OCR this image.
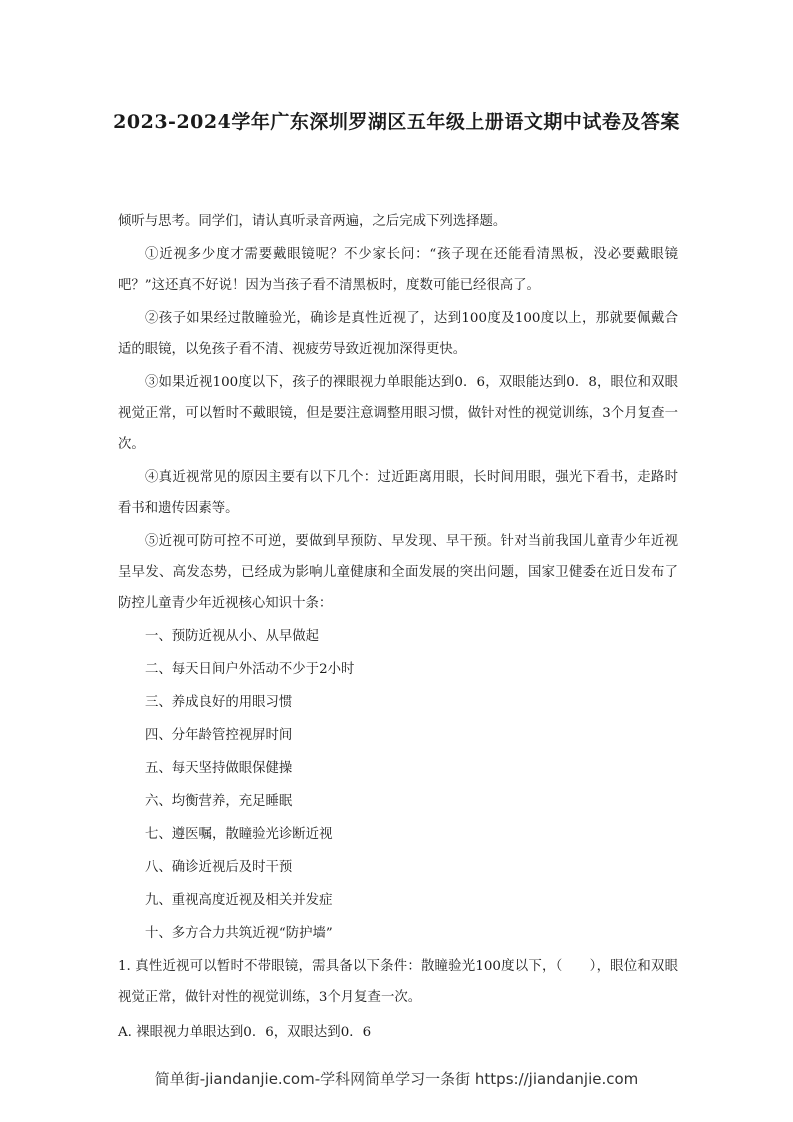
2023-2024学年广东深圳罗湖区五年级上册语文期中试卷及答案

倾听与思考。同学们，请认真听录音两遍，之后完成下列选择题。

①近视多少度才需要戴眼镜呢？不少家长问：“孩子现在还能看清黑板，没必要戴眼镜吧？”这还真不好说！因为当孩子看不清黑板时，度数可能已经很高了。

②孩子如果经过散瞳验光，确诊是真性近视了，达到100度及100度以上，那就要佩戴合适的眼镜，以免孩子看不清、视疲劳导致近视加深得更快。

③如果近视100度以下，孩子的裸眼视力单眼能达到0．6，双眼能达到0．8，眼位和双眼视觉正常，可以暂时不戴眼镜，但是要注意调整用眼习惯，做针对性的视觉训练，3个月复查一次。

④真近视常见的原因主要有以下几个：过近距离用眼，长时间用眼，强光下看书，走路时看书和遗传因素等。

⑤近视可防可控不可逆，要做到早预防、早发现、早干预。针对当前我国儿童青少年近视呈早发、高发态势，已经成为影响儿童健康和全面发展的突出问题，国家卫健委在近日发布了防控儿童青少年近视核心知识十条：

一、预防近视从小、从早做起

二、每天日间户外活动不少于2小时

三、养成良好的用眼习惯

四、分年龄管控视屏时间

五、每天坚持做眼保健操

六、均衡营养，充足睡眠

七、遵医嘱，散瞳验光诊断近视

八、确诊近视后及时干预

九、重视高度近视及相关并发症

十、多方合力共筑近视“防护墙”

1. 真性近视可以暂时不带眼镜，需具备以下条件：散瞳验光100度以下，（　　），眼位和双眼视觉正常，做针对性的视觉训练，3个月复查一次。

A. 裸眼视力单眼达到0．6，双眼达到0．6

简单街-jiandanjie.com-学科网简单学习一条街 https://jiandanjie.com
